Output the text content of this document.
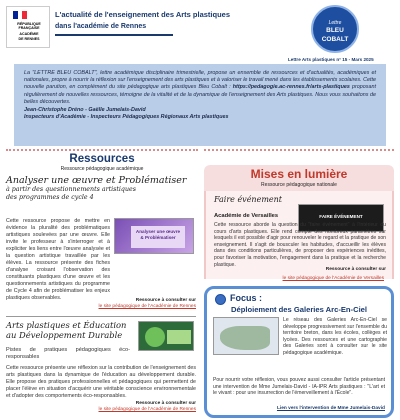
RÉPUBLIQUE
FRANÇAISE
ACADÉMIE
DE RENNES
L'actualité de l'enseignement des Arts plastiques
dans l'académie de Rennes	Lettre
BLEU
COBALT
Lettre Arts plastiques n° 15 - Mars 2025

La "LETTRE BLEU COBALT", lettre académique disciplinaire trimestrielle, propose un ensemble de ressources et d'actualités, académiques et nationales, propre à nourrir la réflexion sur l'enseignement des arts plastiques et à valoriser le travail mené dans les établissements scolaires. Cette nouvelle parution, en complément du site pédagogique arts plastiques Bleu Cobalt : https://pedagogie.ac-rennes.fr/arts-plastiques proposant régulièrement de nouvelles ressources, témoigne de la vitalité et de la dynamique de l'enseignement des Arts plastiques. Nous vous souhaitons de belles découvertes.

Jean-Christophe Dréno - Gaëlle Jumelais-David

Inspecteurs d'Académie - Inspecteurs Pédagogiques Régionaux Arts plastiques

Ressources
Ressource pédagogique académique
Analyser une œuvre et Problématiser
à partir des questionnements artistiques des programmes de cycle 4
Analyser une œuvre & Problématiser
Cette ressource propose de mettre en évidence la pluralité des problématiques artistiques soulevées par une œuvre. Elle invite le professeur à s'interroger et à expliciter les liens entre l'œuvre analysée et la question artistique travaillée par les élèves. La ressource présente des fiches d'analyse croisant l'observation des constituants plastiques d'une œuvre et les questionnements artistiques du programme de Cycle 4 afin de problématiser les enjeux plastiques observables.	Ressource à consulter sur
le site pédagogique de l'Académie de Rennes
Arts plastiques et Éducation au Développement Durable
Pistes de pratiques pédagogiques éco-responsables
Cette ressource présente une réflexion sur la contribution de l'enseignement des arts plastiques dans la dynamique de l'éducation au développement durable. Elle propose des pratiques professionnelles et pédagogiques qui permettent de placer l'élève en situation d'acquérir une véritable conscience environnementale et d'adopter des comportements éco-responsables.
Ressource à consulter sur
le site pédagogique de l'Académie de Rennes
Mises en lumière
Ressource pédagogique nationale
Faire événement
Académie de Versailles	FAIRE ÉVÉNEMENT
Cette ressource aborde la question du "faire événement" à l'intérieur du cours d'arts plastiques. Elle rend compte des nombreux paramètres sur lesquels il est possible d'agir pour renouveler le regard et la pratique de son enseignement. Il s'agit de bousculer les habitudes, d'accueillir les élèves dans des conditions particulières, de proposer des expériences inédites, pour favoriser la motivation, l'engagement dans la pratique et la recherche plastique.
Ressource à consulter sur
le site pédagogique de l'Académie de Versailles
Focus :
Déploiement des Galeries Arc-En-Ciel
Le réseau des Galeries Arc-En-Ciel se développe progressivement sur l'ensemble du territoire breton, dans les écoles, collèges et lycées. Des ressources et une cartographie des Galeries sont à consulter sur le site pédagogique académique.
Pour nourrir votre réflexion, vous pouvez aussi consulter l'article présentant une intervention de Mme Jumelais-David - IA-IPR Arts plastiques : "L'art et le vivant : pour une insurrection de l'émerveillement à l'École".
Lien vers l'intervention de Mme Jumelais-David
